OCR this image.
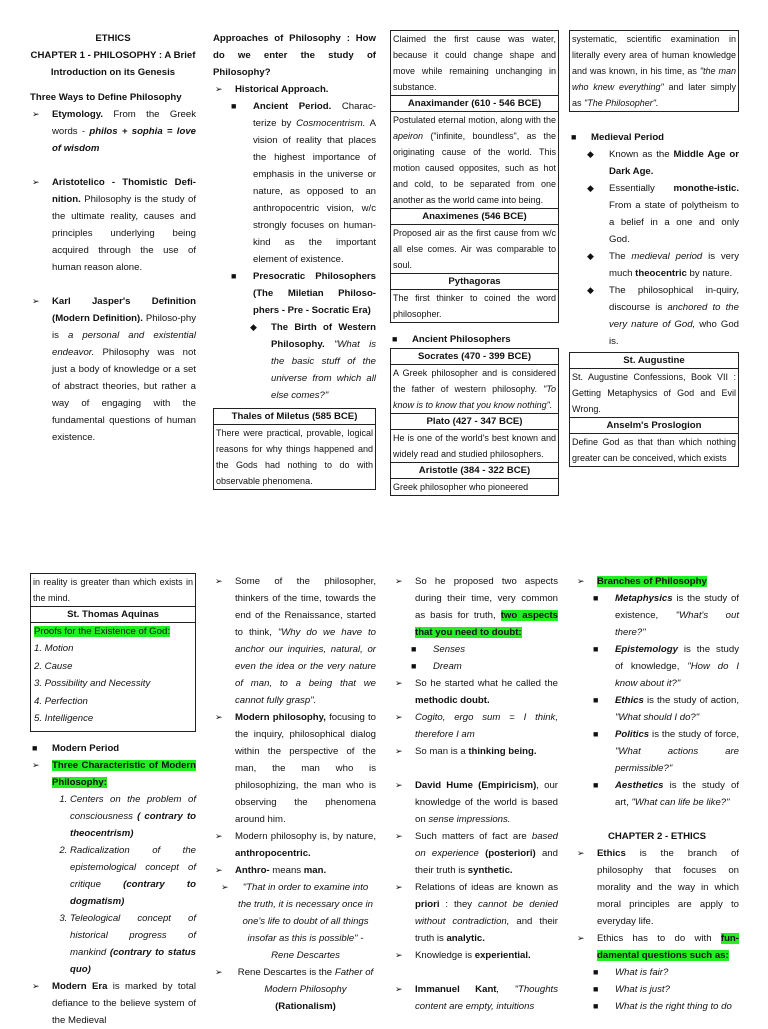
ETHICS
CHAPTER 1 - PHILOSOPHY : A Brief Introduction on its Genesis
Three Ways to Define Philosophy
➢ Etymology. From the Greek words - philos + sophia = love of wisdom
➢ Aristotelico - Thomistic Defi-nition. Philosophy is the study of the ultimate reality, causes and principles underlying being acquired through the use of human reason alone.
➢ Karl Jasper's Definition (Modern Definition). Philoso-phy is a personal and existential endeavor. Philosophy was not just a body of knowledge or a set of abstract theories, but rather a way of engaging with the fundamental questions of human existence.
Approaches of Philosophy : How do we enter the study of Philosophy?
➢ Historical Approach.
■ Ancient Period. Charac-terize by Cosmocentrism. A vision of reality that places the highest importance of emphasis in the universe or nature, as opposed to an anthropocentric vision, w/c strongly focuses on human-kind as the important element of existence.
■ Presocratic Philosophers (The Miletian Philoso-phers - Pre - Socratic Era)
◆ The Birth of Western Philosophy. "What is the basic stuff of the universe from which all else comes?"
Thales of Miletus (585 BCE)
There were practical, provable, logical reasons for why things happened and the Gods had nothing to do with observable phenomena.
Claimed the first cause was water, because it could change shape and move while remaining unchanging in substance.
Anaximander (610 - 546 BCE)
Postulated eternal motion, along with the apeiron ("infinite, boundless", as the originating cause of the world. This motion caused opposites, such as hot and cold, to be separated from one another as the world came into being.
Anaximenes (546 BCE)
Proposed air as the first cause from w/c all else comes. Air was comparable to soul.
Pythagoras
The first thinker to coined the word philosopher.
■ Ancient Philosophers
Socrates (470 - 399 BCE)
A Greek philosopher and is considered the father of western philosophy. "To know is to know that you know nothing".
Plato (427 - 347 BCE)
He is one of the world's best known and widely read and studied philosophers.
Aristotle (384 - 322 BCE)
Greek philosopher who pioneered
systematic, scientific examination in literally every area of human knowledge and was known, in his time, as "the man who knew everything" and later simply as "The Philosopher".
■ Medieval Period
◆ Known as the Middle Age or Dark Age.
◆ Essentially monothe-istic. From a state of polytheism to a belief in a one and only God.
◆ The medieval period is very much theocentric by nature.
◆ The philosophical in-quiry, discourse is anchored to the very nature of God, who God is.
St. Augustine
St. Augustine Confessions, Book VII : Getting Metaphysics of God and Evil Wrong.
Anselm's Proslogion
Define God as that than which nothing greater can be conceived, which exists
in reality is greater than which exists in the mind.
St. Thomas Aquinas
Proofs for the Existence of God:
1. Motion
2. Cause
3. Possibility and Necessity
4. Perfection
5. Intelligence
■ Modern Period
➢ Three Characteristic of Modern Philosophy:
1. Centers on the problem of consciousness ( contrary to theocentrism)
2. Radicalization of the epistemological concept of critique (contrary to dogmatism)
3. Teleological concept of historical progress of mankind (contrary to status quo)
➢ Modern Era is marked by total defiance to the believe system of the Medieval
➢ Some of the philosopher, thinkers of the time, towards the end of the Renaissance, started to think, "Why do we have to anchor our inquiries, natural, or even the idea or the very nature of man, to a being that we cannot fully grasp".
➢ Modern philosophy, focusing to the inquiry, philosophical dialog within the perspective of the man, the man who is philosophizing, the man who is observing the phenomena around him.
➢ Modern philosophy is, by nature, anthropocentric.
➢ Anthro- means man.
➢	"That in order to examine into the truth, it is necessary once in one's life to doubt of all things insofar as this is possible" - Rene Descartes
➢ Rene Descartes is the Father of Modern Philosophy
(Rationalism)
➢ So he proposed two aspects during their time, very common as basis for truth, two aspects that you need to doubt:
■ Senses
■ Dream
➢ So he started what he called the methodic doubt.
➢ Cogito, ergo sum = I think, therefore I am
➢ So man is a thinking being.
➢ David Hume (Empiricism), our knowledge of the world is based on sense impressions.
➢ Such matters of fact are based on experience (posteriori) and their truth is synthetic.
➢ Relations of ideas are known as priori : they cannot be denied without contradiction, and their truth is analytic.
➢ Knowledge is experiential.
➢ Immanuel Kant, "Thoughts content are empty, intuitions
➢ Branches of Philosophy
■ Metaphysics is the study of existence, "What's out there?"
■ Epistemology is the study of knowledge, "How do I know about it?"
■ Ethics is the study of action, "What should I do?"
■ Politics is the study of force, "What actions are permissible?"
■ Aesthetics is the study of art, "What can life be like?"
CHAPTER 2 - ETHICS
➢ Ethics is the branch of philosophy that focuses on morality and the way in which moral principles are apply to everyday life.
➢ Ethics has to do with fun-damental questions such as:
■ What is fair?
■ What is just?
■ What is the right thing to do
